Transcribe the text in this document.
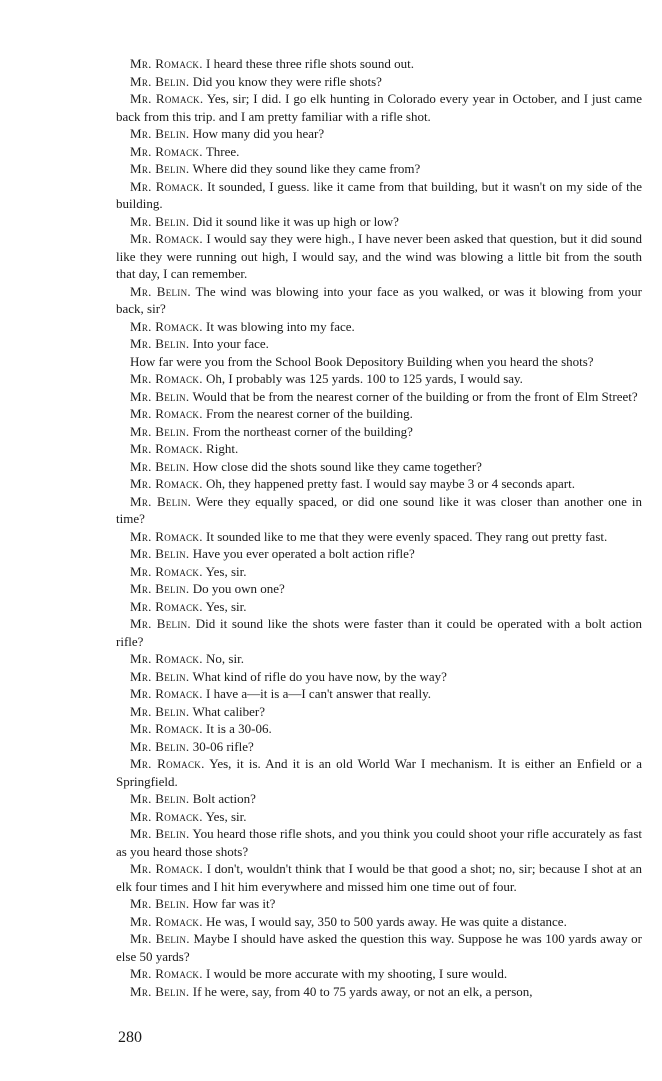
Mr. Romack. I heard these three rifle shots sound out.

Mr. Belin. Did you know they were rifle shots?

Mr. Romack. Yes, sir; I did. I go elk hunting in Colorado every year in October, and I just came back from this trip. and I am pretty familiar with a rifle shot.

Mr. Belin. How many did you hear?

Mr. Romack. Three.

Mr. Belin. Where did they sound like they came from?

Mr. Romack. It sounded, I guess. like it came from that building, but it wasn't on my side of the building.

Mr. Belin. Did it sound like it was up high or low?

Mr. Romack. I would say they were high., I have never been asked that question, but it did sound like they were running out high, I would say, and the wind was blowing a little bit from the south that day, I can remember.

Mr. Belin. The wind was blowing into your face as you walked, or was it blowing from your back, sir?

Mr. Romack. It was blowing into my face.

Mr. Belin. Into your face.

How far were you from the School Book Depository Building when you heard the shots?

Mr. Romack. Oh, I probably was 125 yards. 100 to 125 yards, I would say.

Mr. Belin. Would that be from the nearest corner of the building or from the front of Elm Street?

Mr. Romack. From the nearest corner of the building.

Mr. Belin. From the northeast corner of the building?

Mr. Romack. Right.

Mr. Belin. How close did the shots sound like they came together?

Mr. Romack. Oh, they happened pretty fast. I would say maybe 3 or 4 seconds apart.

Mr. Belin. Were they equally spaced, or did one sound like it was closer than another one in time?

Mr. Romack. It sounded like to me that they were evenly spaced. They rang out pretty fast.

Mr. Belin. Have you ever operated a bolt action rifle?

Mr. Romack. Yes, sir.

Mr. Belin. Do you own one?

Mr. Romack. Yes, sir.

Mr. Belin. Did it sound like the shots were faster than it could be operated with a bolt action rifle?

Mr. Romack. No, sir.

Mr. Belin. What kind of rifle do you have now, by the way?

Mr. Romack. I have a—it is a—I can't answer that really.

Mr. Belin. What caliber?

Mr. Romack. It is a 30-06.

Mr. Belin. 30-06 rifle?

Mr. Romack. Yes, it is. And it is an old World War I mechanism. It is either an Enfield or a Springfield.

Mr. Belin. Bolt action?

Mr. Romack. Yes, sir.

Mr. Belin. You heard those rifle shots, and you think you could shoot your rifle accurately as fast as you heard those shots?

Mr. Romack. I don't, wouldn't think that I would be that good a shot; no, sir; because I shot at an elk four times and I hit him everywhere and missed him one time out of four.

Mr. Belin. How far was it?

Mr. Romack. He was, I would say, 350 to 500 yards away. He was quite a distance.

Mr. Belin. Maybe I should have asked the question this way. Suppose he was 100 yards away or else 50 yards?

Mr. Romack. I would be more accurate with my shooting, I sure would.

Mr. Belin. If he were, say, from 40 to 75 yards away, or not an elk, a person,

280
